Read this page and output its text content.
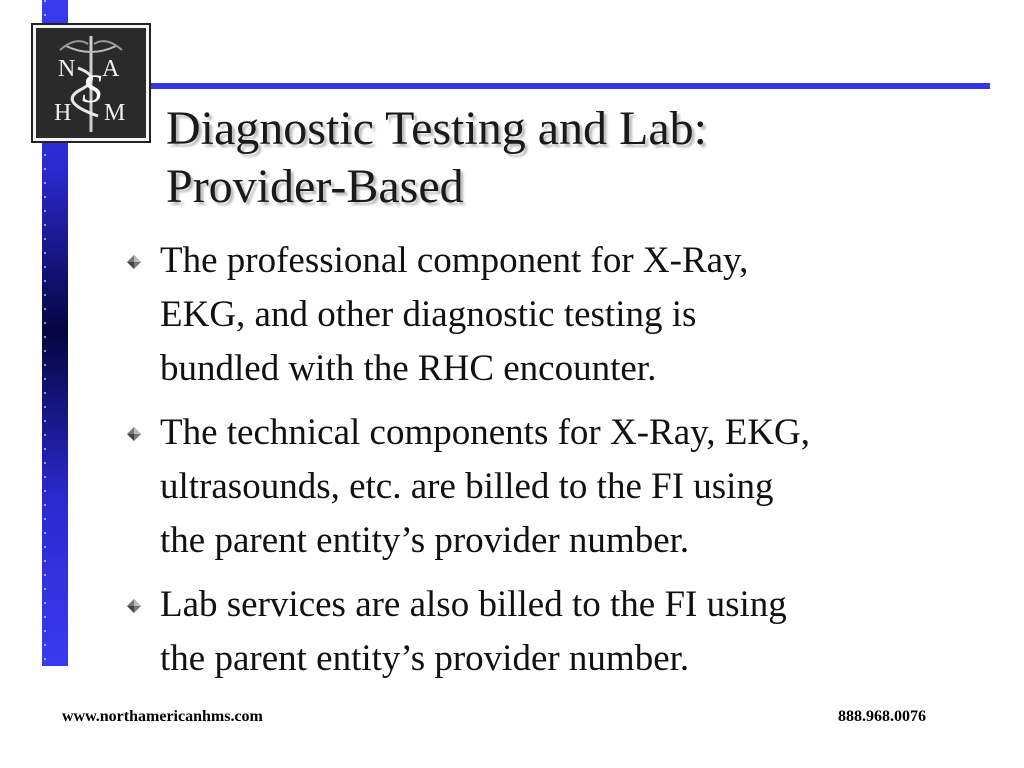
N A
H M
S
Diagnostic Testing and Lab:
Provider-Based
The professional component for X-Ray,
EKG, and other diagnostic testing is
bundled with the RHC encounter.
The technical components for X-Ray, EKG,
ultrasounds, etc. are billed to the FI using
the parent entity’s provider number.
Lab services are also billed to the FI using
the parent entity’s provider number.
www.northamericanhms.com	888.968.0076
